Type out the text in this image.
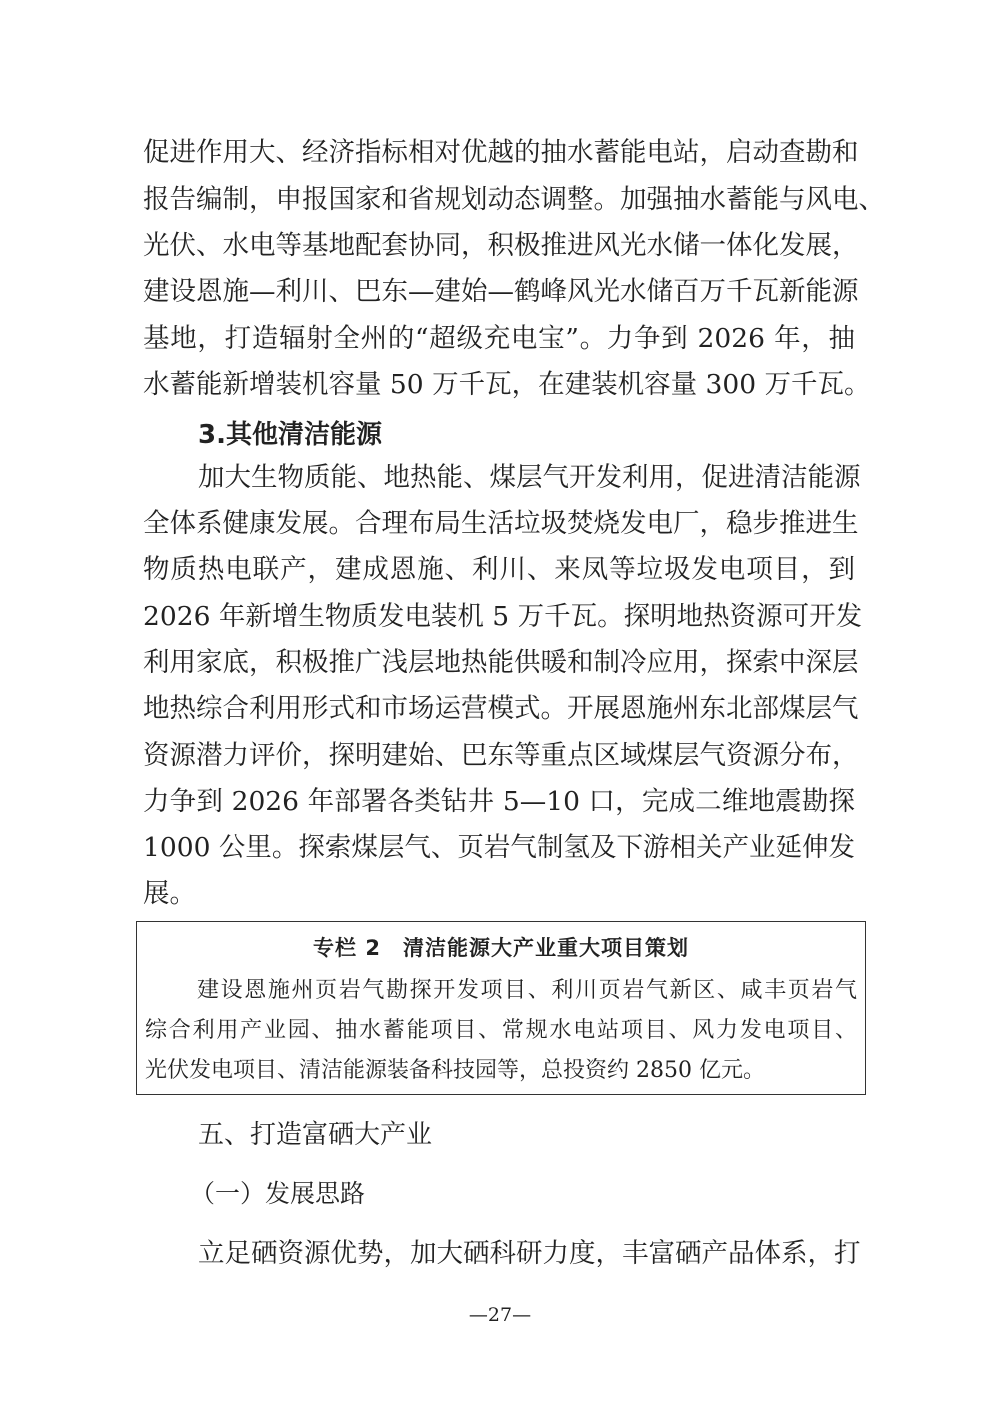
促进作用大、经济指标相对优越的抽水蓄能电站，启动查勘和
报告编制，申报国家和省规划动态调整。加强抽水蓄能与风电、
光伏、水电等基地配套协同，积极推进风光水储一体化发展，
建设恩施—利川、巴东—建始—鹤峰风光水储百万千瓦新能源
基地，打造辐射全州的“超级充电宝”。力争到 2026 年，抽
水蓄能新增装机容量 50 万千瓦，在建装机容量 300 万千瓦。
3.其他清洁能源
加大生物质能、地热能、煤层气开发利用，促进清洁能源
全体系健康发展。合理布局生活垃圾焚烧发电厂，稳步推进生
物质热电联产，建成恩施、利川、来凤等垃圾发电项目，到
2026 年新增生物质发电装机 5 万千瓦。探明地热资源可开发
利用家底，积极推广浅层地热能供暖和制冷应用，探索中深层
地热综合利用形式和市场运营模式。开展恩施州东北部煤层气
资源潜力评价，探明建始、巴东等重点区域煤层气资源分布，
力争到 2026 年部署各类钻井 5—10 口，完成二维地震勘探
1000 公里。探索煤层气、页岩气制氢及下游相关产业延伸发
展。
专栏 2　清洁能源大产业重大项目策划
建设恩施州页岩气勘探开发项目、利川页岩气新区、咸丰页岩气
综合利用产业园、抽水蓄能项目、常规水电站项目、风力发电项目、
光伏发电项目、清洁能源装备科技园等，总投资约 2850 亿元。
五、打造富硒大产业
（一）发展思路
立足硒资源优势，加大硒科研力度，丰富硒产品体系，打
—27—
